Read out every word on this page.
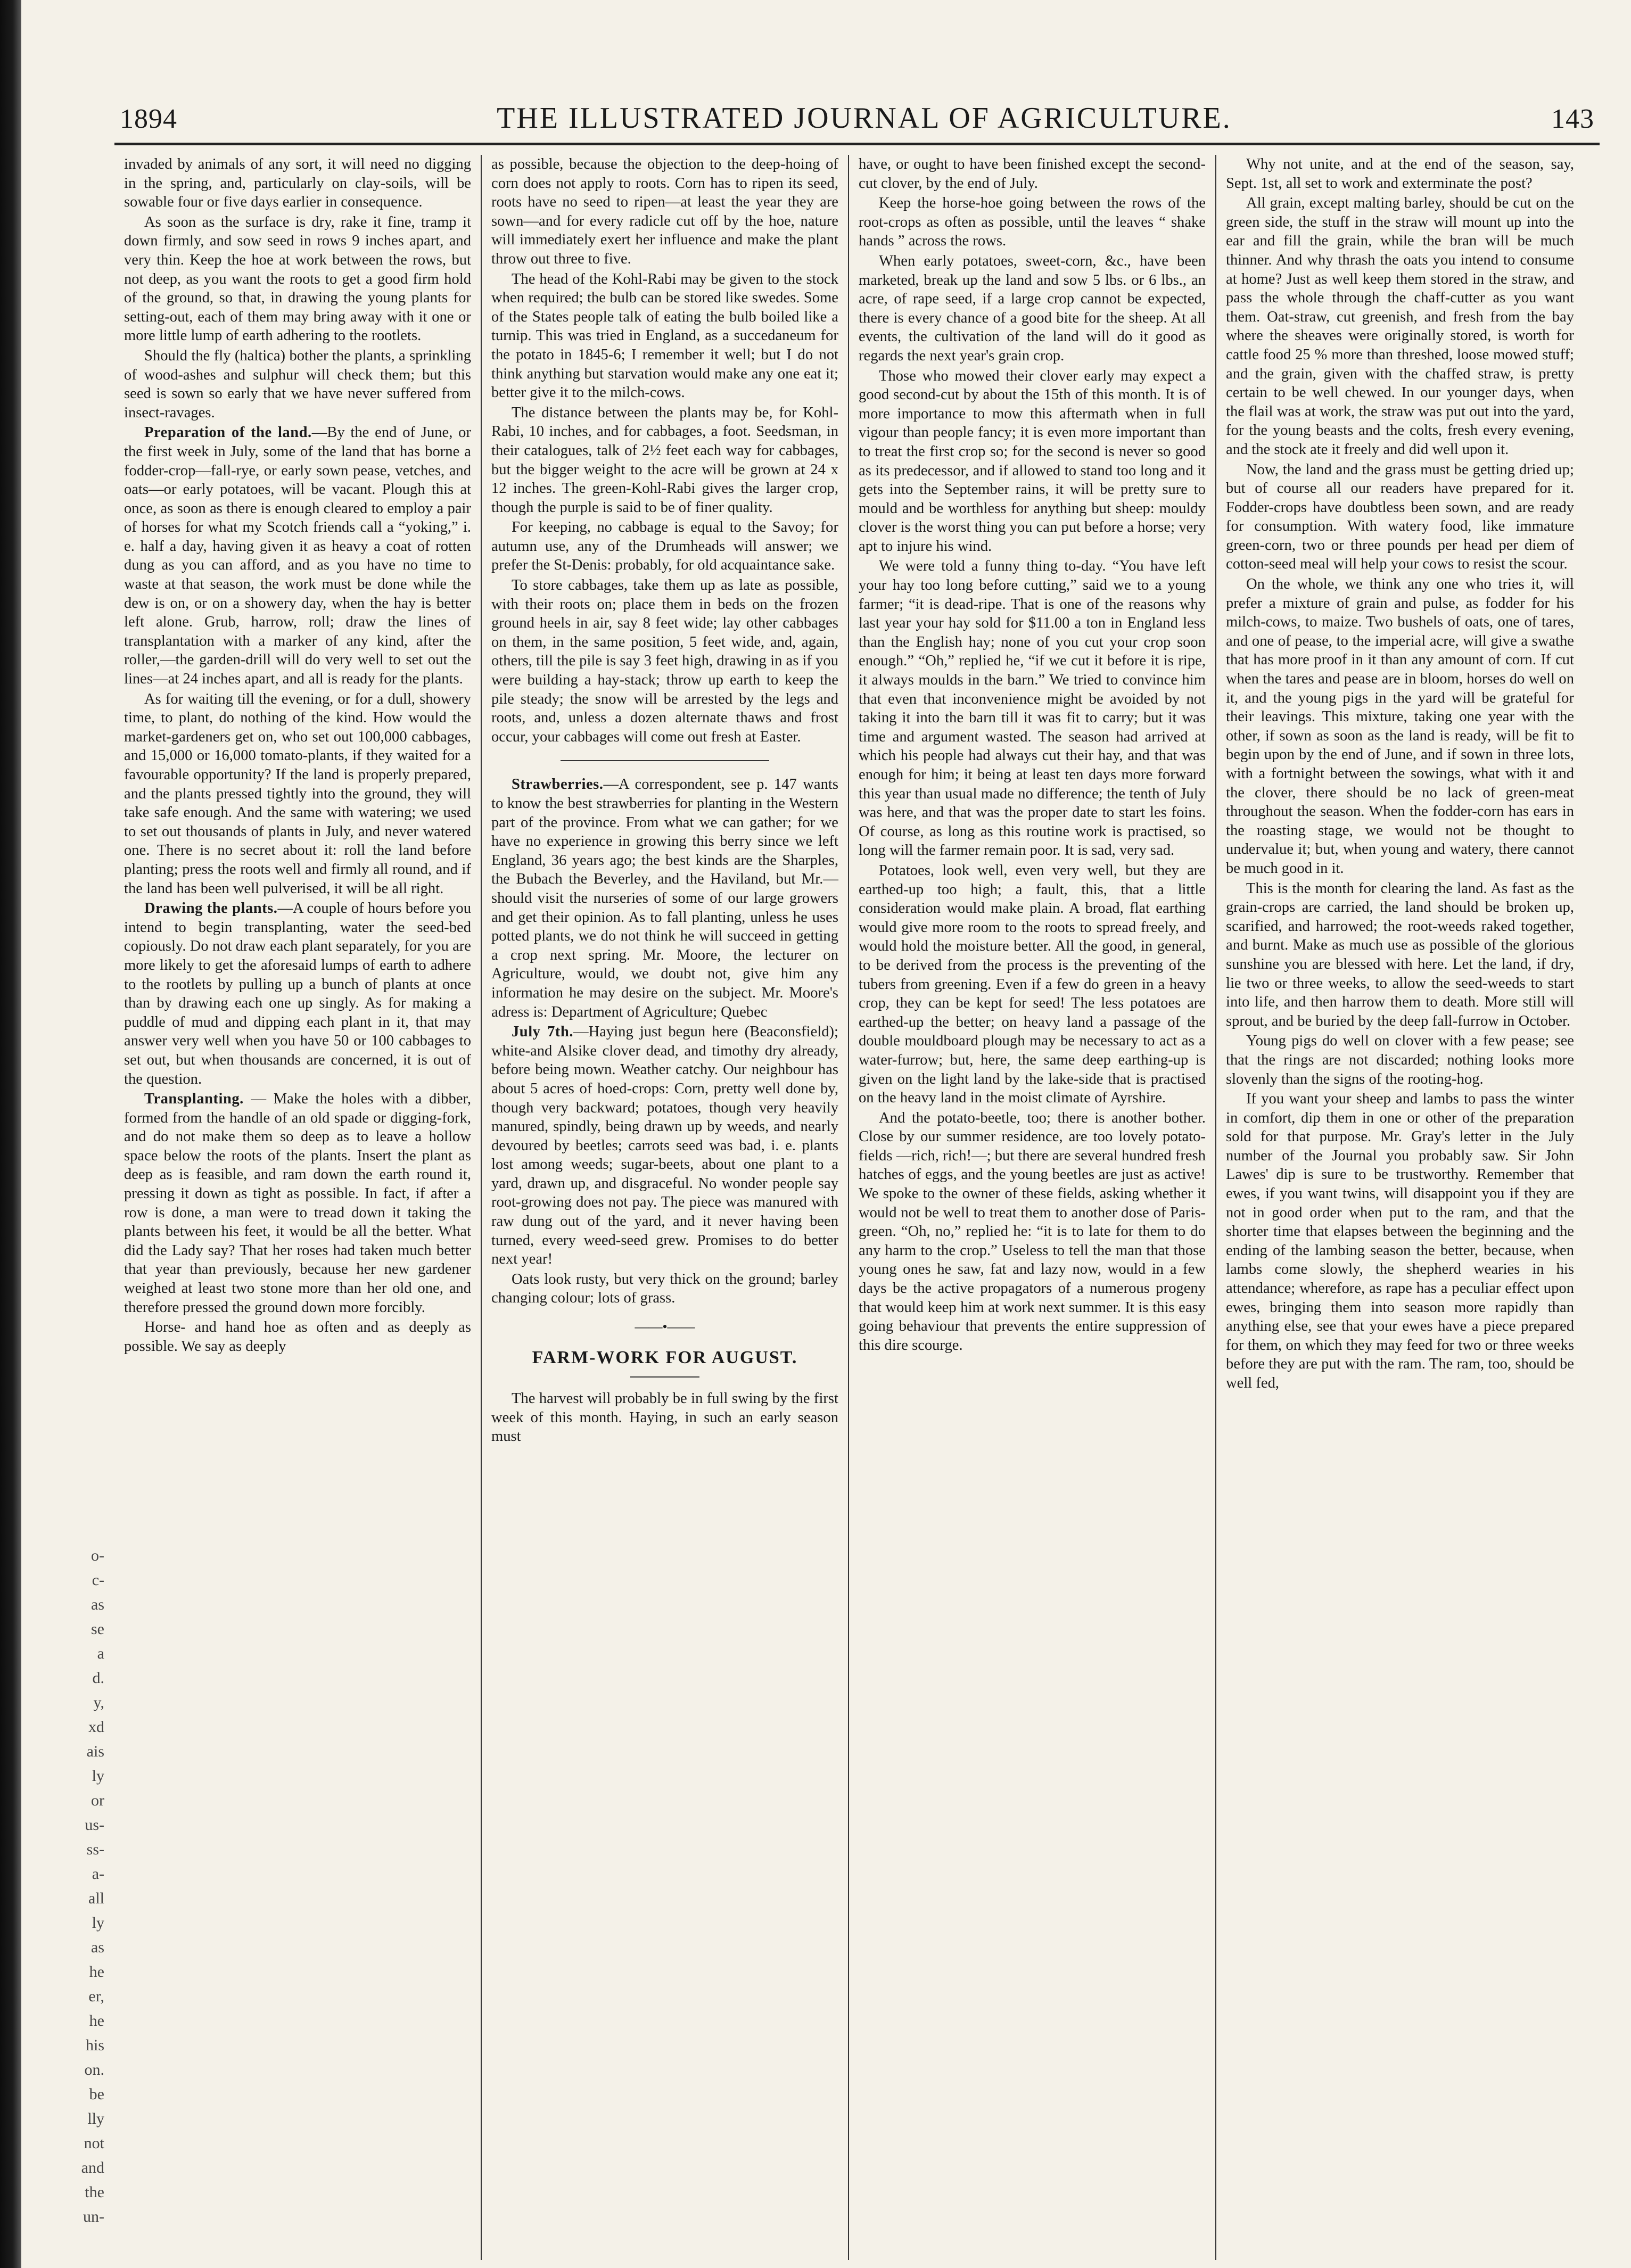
o-
c-
as
se
a
d.
y,
xd
ais
ly
or
us-
ss-
a-
all
ly
as
he
er,
he
his
on.
be
lly
not
and
the
un-
1894	THE ILLUSTRATED JOURNAL OF AGRICULTURE.	143

invaded by animals of any sort, it will need no digging in the spring, and, particularly on clay-soils, will be sowable four or five days earlier in consequence.

As soon as the surface is dry, rake it fine, tramp it down firmly, and sow seed in rows 9 inches apart, and very thin. Keep the hoe at work between the rows, but not deep, as you want the roots to get a good firm hold of the ground, so that, in drawing the young plants for setting-out, each of them may bring away with it one or more little lump of earth adhering to the rootlets.

Should the fly (haltica) bother the plants, a sprinkling of wood-ashes and sulphur will check them; but this seed is sown so early that we have never suffered from insect-ravages.

Preparation of the land.—By the end of June, or the first week in July, some of the land that has borne a fodder-crop—fall-rye, or early sown pease, vetches, and oats—or early potatoes, will be vacant. Plough this at once, as soon as there is enough cleared to employ a pair of horses for what my Scotch friends call a “yoking,” i. e. half a day, having given it as heavy a coat of rotten dung as you can afford, and as you have no time to waste at that season, the work must be done while the dew is on, or on a showery day, when the hay is better left alone. Grub, harrow, roll; draw the lines of transplantation with a marker of any kind, after the roller,—the garden-drill will do very well to set out the lines—at 24 inches apart, and all is ready for the plants.

As for waiting till the evening, or for a dull, showery time, to plant, do nothing of the kind. How would the market-gardeners get on, who set out 100,000 cabbages, and 15,000 or 16,000 tomato-plants, if they waited for a favourable opportunity? If the land is properly prepared, and the plants pressed tightly into the ground, they will take safe enough. And the same with watering; we used to set out thousands of plants in July, and never watered one. There is no secret about it: roll the land before planting; press the roots well and firmly all round, and if the land has been well pulverised, it will be all right.

Drawing the plants.—A couple of hours before you intend to begin transplanting, water the seed-bed copiously. Do not draw each plant separately, for you are more likely to get the aforesaid lumps of earth to adhere to the rootlets by pulling up a bunch of plants at once than by drawing each one up singly. As for making a puddle of mud and dipping each plant in it, that may answer very well when you have 50 or 100 cabbages to set out, but when thousands are concerned, it is out of the question.

Transplanting. — Make the holes with a dibber, formed from the handle of an old spade or digging-fork, and do not make them so deep as to leave a hollow space below the roots of the plants. Insert the plant as deep as is feasible, and ram down the earth round it, pressing it down as tight as possible. In fact, if after a row is done, a man were to tread down it taking the plants between his feet, it would be all the better. What did the Lady say? That her roses had taken much better that year than previously, because her new gardener weighed at least two stone more than her old one, and therefore pressed the ground down more forcibly.

Horse- and hand hoe as often and as deeply as possible. We say as deeply

as possible, because the objection to the deep-hoing of corn does not apply to roots. Corn has to ripen its seed, roots have no seed to ripen—at least the year they are sown—and for every radicle cut off by the hoe, nature will immediately exert her influence and make the plant throw out three to five.

The head of the Kohl-Rabi may be given to the stock when required; the bulb can be stored like swedes. Some of the States people talk of eating the bulb boiled like a turnip. This was tried in England, as a succedaneum for the potato in 1845-6; I remember it well; but I do not think anything but starvation would make any one eat it; better give it to the milch-cows.

The distance between the plants may be, for Kohl-Rabi, 10 inches, and for cabbages, a foot. Seedsman, in their catalogues, talk of 2½ feet each way for cabbages, but the bigger weight to the acre will be grown at 24 x 12 inches. The green-Kohl-Rabi gives the larger crop, though the purple is said to be of finer quality.

For keeping, no cabbage is equal to the Savoy; for autumn use, any of the Drumheads will answer; we prefer the St-Denis: probably, for old acquaintance sake.

To store cabbages, take them up as late as possible, with their roots on; place them in beds on the frozen ground heels in air, say 8 feet wide; lay other cabbages on them, in the same position, 5 feet wide, and, again, others, till the pile is say 3 feet high, drawing in as if you were building a hay-stack; throw up earth to keep the pile steady; the snow will be arrested by the legs and roots, and, unless a dozen alternate thaws and frost occur, your cabbages will come out fresh at Easter.

Strawberries.—A correspondent, see p. 147 wants to know the best strawberries for planting in the Western part of the province. From what we can gather; for we have no experience in growing this berry since we left England, 36 years ago; the best kinds are the Sharples, the Bubach the Beverley, and the Haviland, but Mr.—should visit the nurseries of some of our large growers and get their opinion. As to fall planting, unless he uses potted plants, we do not think he will succeed in getting a crop next spring. Mr. Moore, the lecturer on Agriculture, would, we doubt not, give him any information he may desire on the subject. Mr. Moore's adress is: Department of Agriculture; Quebec

July 7th.—Haying just begun here (Beaconsfield); white-and Alsike clover dead, and timothy dry already, before being mown. Weather catchy. Our neighbour has about 5 acres of hoed-crops: Corn, pretty well done by, though very backward; potatoes, though very heavily manured, spindly, being drawn up by weeds, and nearly devoured by beetles; carrots seed was bad, i. e. plants lost among weeds; sugar-beets, about one plant to a yard, drawn up, and disgraceful. No wonder people say root-growing does not pay. The piece was manured with raw dung out of the yard, and it never having been turned, every weed-seed grew. Promises to do better next year!

Oats look rusty, but very thick on the ground; barley changing colour; lots of grass.

——•——
FARM-WORK FOR AUGUST.

The harvest will probably be in full swing by the first week of this month. Haying, in such an early season must

have, or ought to have been finished except the second-cut clover, by the end of July.

Keep the horse-hoe going between the rows of the root-crops as often as possible, until the leaves “ shake hands ” across the rows.

When early potatoes, sweet-corn, &c., have been marketed, break up the land and sow 5 lbs. or 6 lbs., an acre, of rape seed, if a large crop cannot be expected, there is every chance of a good bite for the sheep. At all events, the cultivation of the land will do it good as regards the next year's grain crop.

Those who mowed their clover early may expect a good second-cut by about the 15th of this month. It is of more importance to mow this aftermath when in full vigour than people fancy; it is even more important than to treat the first crop so; for the second is never so good as its predecessor, and if allowed to stand too long and it gets into the September rains, it will be pretty sure to mould and be worthless for anything but sheep: mouldy clover is the worst thing you can put before a horse; very apt to injure his wind.

We were told a funny thing to-day. “You have left your hay too long before cutting,” said we to a young farmer; “it is dead-ripe. That is one of the reasons why last year your hay sold for $11.00 a ton in England less than the English hay; none of you cut your crop soon enough.” “Oh,” replied he, “if we cut it before it is ripe, it always moulds in the barn.” We tried to convince him that even that inconvenience might be avoided by not taking it into the barn till it was fit to carry; but it was time and argument wasted. The season had arrived at which his people had always cut their hay, and that was enough for him; it being at least ten days more forward this year than usual made no difference; the tenth of July was here, and that was the proper date to start les foins. Of course, as long as this routine work is practised, so long will the farmer remain poor. It is sad, very sad.

Potatoes, look well, even very well, but they are earthed-up too high; a fault, this, that a little consideration would make plain. A broad, flat earthing would give more room to the roots to spread freely, and would hold the moisture better. All the good, in general, to be derived from the process is the preventing of the tubers from greening. Even if a few do green in a heavy crop, they can be kept for seed! The less potatoes are earthed-up the better; on heavy land a passage of the double mouldboard plough may be necessary to act as a water-furrow; but, here, the same deep earthing-up is given on the light land by the lake-side that is practised on the heavy land in the moist climate of Ayrshire.

And the potato-beetle, too; there is another bother. Close by our summer residence, are too lovely potato-fields —rich, rich!—; but there are several hundred fresh hatches of eggs, and the young beetles are just as active! We spoke to the owner of these fields, asking whether it would not be well to treat them to another dose of Paris-green. “Oh, no,” replied he: “it is to late for them to do any harm to the crop.” Useless to tell the man that those young ones he saw, fat and lazy now, would in a few days be the active propagators of a numerous progeny that would keep him at work next summer. It is this easy going behaviour that prevents the entire suppression of this dire scourge.

Why not unite, and at the end of the season, say, Sept. 1st, all set to work and exterminate the post?

All grain, except malting barley, should be cut on the green side, the stuff in the straw will mount up into the ear and fill the grain, while the bran will be much thinner. And why thrash the oats you intend to consume at home? Just as well keep them stored in the straw, and pass the whole through the chaff-cutter as you want them. Oat-straw, cut greenish, and fresh from the bay where the sheaves were originally stored, is worth for cattle food 25 % more than threshed, loose mowed stuff; and the grain, given with the chaffed straw, is pretty certain to be well chewed. In our younger days, when the flail was at work, the straw was put out into the yard, for the young beasts and the colts, fresh every evening, and the stock ate it freely and did well upon it.

Now, the land and the grass must be getting dried up; but of course all our readers have prepared for it. Fodder-crops have doubtless been sown, and are ready for consumption. With watery food, like immature green-corn, two or three pounds per head per diem of cotton-seed meal will help your cows to resist the scour.

On the whole, we think any one who tries it, will prefer a mixture of grain and pulse, as fodder for his milch-cows, to maize. Two bushels of oats, one of tares, and one of pease, to the imperial acre, will give a swathe that has more proof in it than any amount of corn. If cut when the tares and pease are in bloom, horses do well on it, and the young pigs in the yard will be grateful for their leavings. This mixture, taking one year with the other, if sown as soon as the land is ready, will be fit to begin upon by the end of June, and if sown in three lots, with a fortnight between the sowings, what with it and the clover, there should be no lack of green-meat throughout the season. When the fodder-corn has ears in the roasting stage, we would not be thought to undervalue it; but, when young and watery, there cannot be much good in it.

This is the month for clearing the land. As fast as the grain-crops are carried, the land should be broken up, scarified, and harrowed; the root-weeds raked together, and burnt. Make as much use as possible of the glorious sunshine you are blessed with here. Let the land, if dry, lie two or three weeks, to allow the seed-weeds to start into life, and then harrow them to death. More still will sprout, and be buried by the deep fall-furrow in October.

Young pigs do well on clover with a few pease; see that the rings are not discarded; nothing looks more slovenly than the signs of the rooting-hog.

If you want your sheep and lambs to pass the winter in comfort, dip them in one or other of the preparation sold for that purpose. Mr. Gray's letter in the July number of the Journal you probably saw. Sir John Lawes' dip is sure to be trustworthy. Remember that ewes, if you want twins, will disappoint you if they are not in good order when put to the ram, and that the shorter time that elapses between the beginning and the ending of the lambing season the better, because, when lambs come slowly, the shepherd wearies in his attendance; wherefore, as rape has a peculiar effect upon ewes, bringing them into season more rapidly than anything else, see that your ewes have a piece prepared for them, on which they may feed for two or three weeks before they are put with the ram. The ram, too, should be well fed,
